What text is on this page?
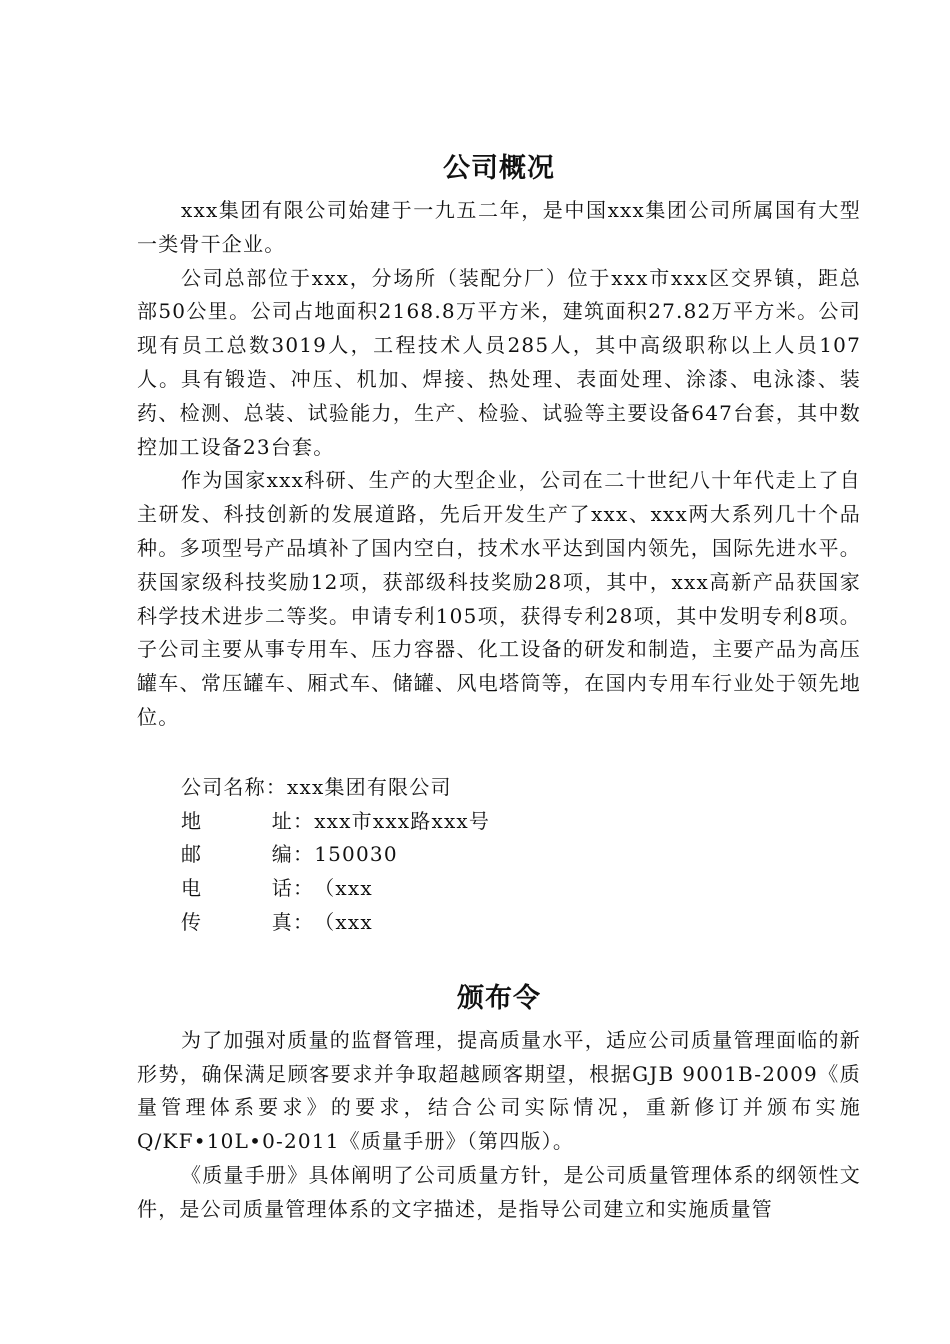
公司概况

xxx集团有限公司始建于一九五二年，是中国xxx集团公司所属国有大型一类骨干企业。

公司总部位于xxx，分场所（装配分厂）位于xxx市xxx区交界镇，距总部50公里。公司占地面积2168.8万平方米，建筑面积27.82万平方米。公司现有员工总数3019人，工程技术人员285人，其中高级职称以上人员107人。具有锻造、冲压、机加、焊接、热处理、表面处理、涂漆、电泳漆、装药、检测、总装、试验能力，生产、检验、试验等主要设备647台套，其中数控加工设备23台套。

作为国家xxx科研、生产的大型企业，公司在二十世纪八十年代走上了自主研发、科技创新的发展道路，先后开发生产了xxx、xxx两大系列几十个品种。多项型号产品填补了国内空白，技术水平达到国内领先，国际先进水平。获国家级科技奖励12项，获部级科技奖励28项，其中，xxx高新产品获国家科学技术进步二等奖。申请专利105项，获得专利28项，其中发明专利8项。子公司主要从事专用车、压力容器、化工设备的研发和制造，主要产品为高压罐车、常压罐车、厢式车、储罐、风电塔筒等，在国内专用车行业处于领先地位。

公司名称 ： xxx集团有限公司
地	址 ： xxx市xxx路xxx号
邮	编 ： 150030
电	话 ： （xxx
传	真 ： （xxx
颁布令

为了加强对质量的监督管理，提高质量水平，适应公司质量管理面临的新形势，确保满足顾客要求并争取超越顾客期望，根据GJB 9001B-2009《质量管理体系要求》的要求，结合公司实际情况，重新修订并颁布实施Q/KF•10L•0-2011《质量手册》（第四版）。

《质量手册》具体阐明了公司质量方针，是公司质量管理体系的纲领性文件，是公司质量管理体系的文字描述，是指导公司建立和实施质量管
